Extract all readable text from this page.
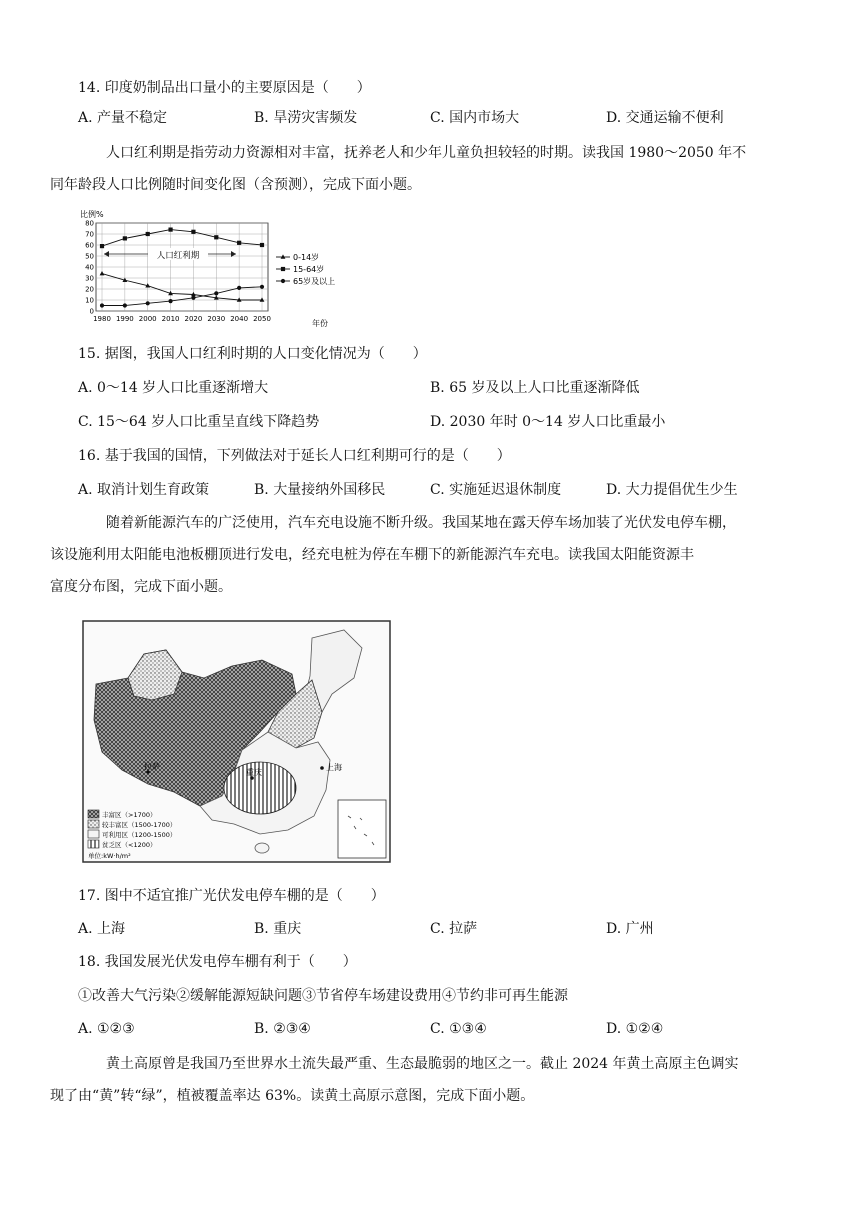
14. 印度奶制品出口量小的主要原因是（　　）
A. 产量不稳定	B. 旱涝灾害频发	C. 国内市场大	D. 交通运输不便利
人口红利期是指劳动力资源相对丰富，抚养老人和少年儿童负担较轻的时期。读我国 1980～2050 年不
同年龄段人口比例随时间变化图（含预测），完成下面小题。
0
10
20
30
40
50
60
70
80
1980 1990 2000 2010 2020 2030 2040 2050
比例%
年份
人口红利期	0-14岁
15-64岁
65岁及以上
15. 据图，我国人口红利时期的人口变化情况为（　　）
A. 0～14 岁人口比重逐渐增大	B. 65 岁及以上人口比重逐渐降低
C. 15～64 岁人口比重呈直线下降趋势	D. 2030 年时 0～14 岁人口比重最小
16. 基于我国的国情，下列做法对于延长人口红利期可行的是（　　）
A. 取消计划生育政策	B. 大量接纳外国移民	C. 实施延迟退休制度	D. 大力提倡优生少生
随着新能源汽车的广泛使用，汽车充电设施不断升级。我国某地在露天停车场加装了光伏发电停车棚，
该设施利用太阳能电池板棚顶进行发电，经充电桩为停在车棚下的新能源汽车充电。读我国太阳能资源丰
富度分布图，完成下面小题。
拉萨
重庆
上海
丰富区（>1700）
较丰富区（1500-1700）
可利用区（1200-1500）
贫乏区（<1200）
单位:kW·h/m²
17. 图中不适宜推广光伏发电停车棚的是（　　）
A. 上海	B. 重庆	C. 拉萨	D. 广州
18. 我国发展光伏发电停车棚有利于（　　）
①改善大气污染②缓解能源短缺问题③节省停车场建设费用④节约非可再生能源
A. ①②③	B. ②③④	C. ①③④	D. ①②④
黄土高原曾是我国乃至世界水土流失最严重、生态最脆弱的地区之一。截止 2024 年黄土高原主色调实
现了由“黄”转“绿”，植被覆盖率达 63%。读黄土高原示意图，完成下面小题。
